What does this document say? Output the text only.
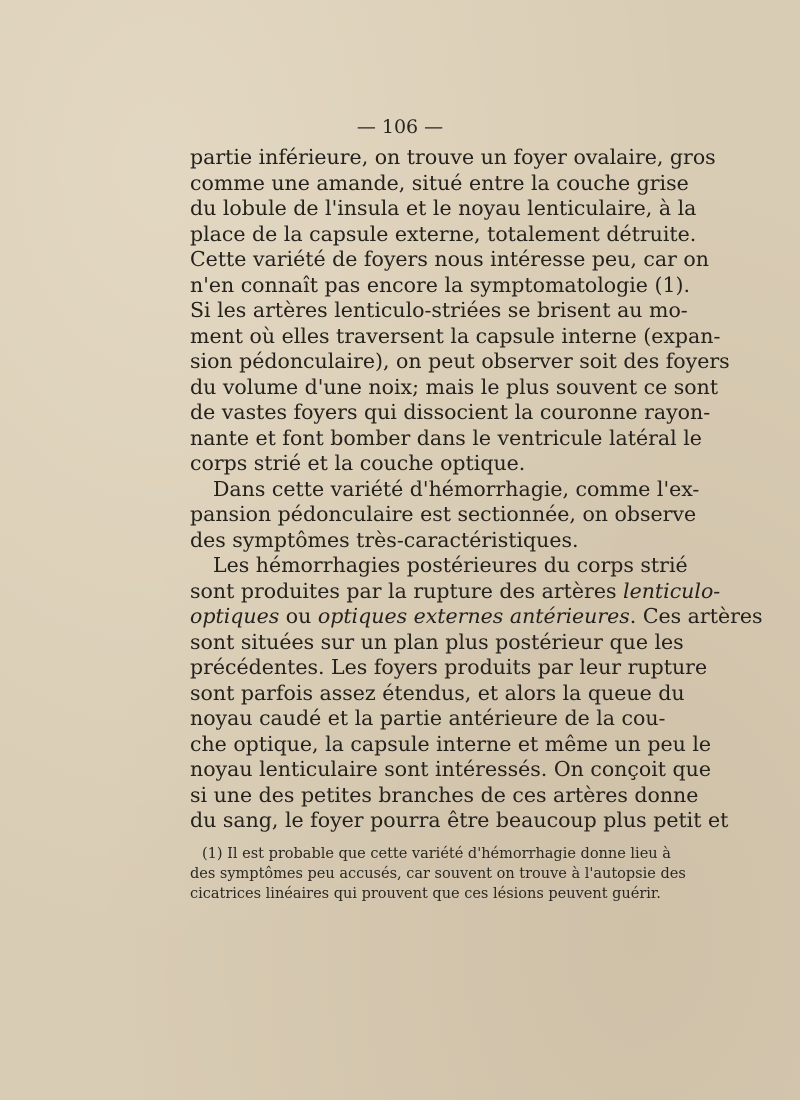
— 106 —
partie inférieure, on trouve un foyer ovalaire, gros
comme une amande, situé entre la couche grise
du lobule de l'insula et le noyau lenticulaire, à la
place de la capsule externe, totalement détruite.
Cette variété de foyers nous intéresse peu, car on
n'en connaît pas encore la symptomatologie (1).
Si les artères lenticulo-striées se brisent au mo-
ment où elles traversent la capsule interne (expan-
sion pédonculaire), on peut observer soit des foyers
du volume d'une noix; mais le plus souvent ce sont
de vastes foyers qui dissocient la couronne rayon-
nante et font bomber dans le ventricule latéral le
corps strié et la couche optique.
Dans cette variété d'hémorrhagie, comme l'ex-
pansion pédonculaire est sectionnée, on observe
des symptômes très-caractéristiques.
Les hémorrhagies postérieures du corps strié
sont produites par la rupture des artères lenticulo-
optiques ou optiques externes antérieures. Ces artères
sont situées sur un plan plus postérieur que les
précédentes. Les foyers produits par leur rupture
sont parfois assez étendus, et alors la queue du
noyau caudé et la partie antérieure de la cou-
che optique, la capsule interne et même un peu le
noyau lenticulaire sont intéressés. On conçoit que
si une des petites branches de ces artères donne
du sang, le foyer pourra être beaucoup plus petit et
(1) Il est probable que cette variété d'hémorrhagie donne lieu à
des symptômes peu accusés, car souvent on trouve à l'autopsie des
cicatrices linéaires qui prouvent que ces lésions peuvent guérir.
